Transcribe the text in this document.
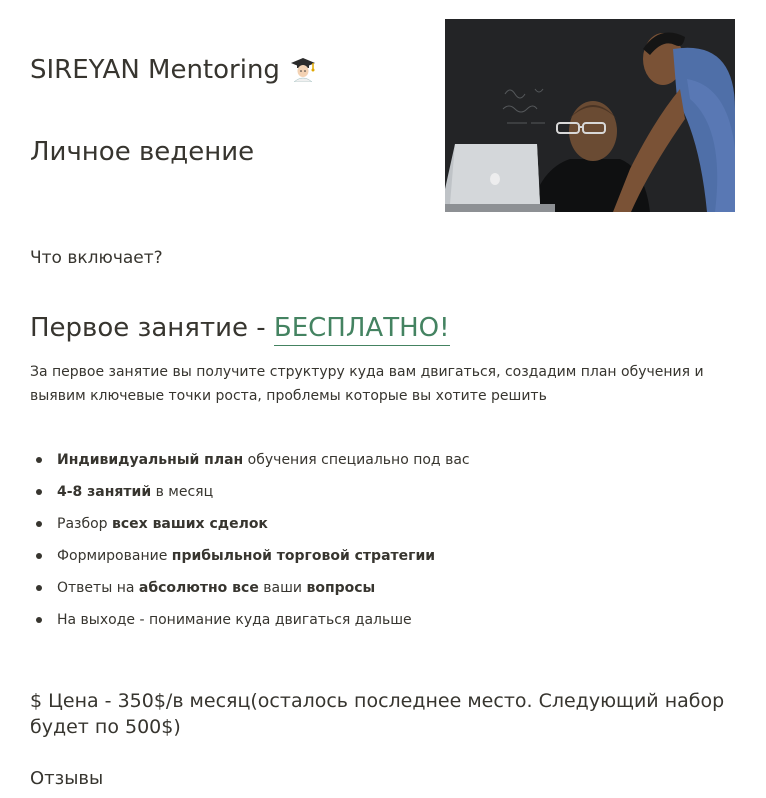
SIREYAN Mentoring
Личное ведение
Что включает?
Первое занятие - БЕСПЛАТНО!

За первое занятие вы получите структуру куда вам двигаться, создадим план обучения и выявим ключевые точки роста, проблемы которые вы хотите решить

Индивидуальный план обучения специально под вас
4-8 занятий в месяц
Разбор всех ваших сделок
Формирование прибыльной торговой стратегии
Ответы на абсолютно все ваши вопросы
На выходе - понимание куда двигаться дальше
$ Цена - 350$/в месяц(осталось последнее место. Следующий набор будет по 500$)
Отзывы
